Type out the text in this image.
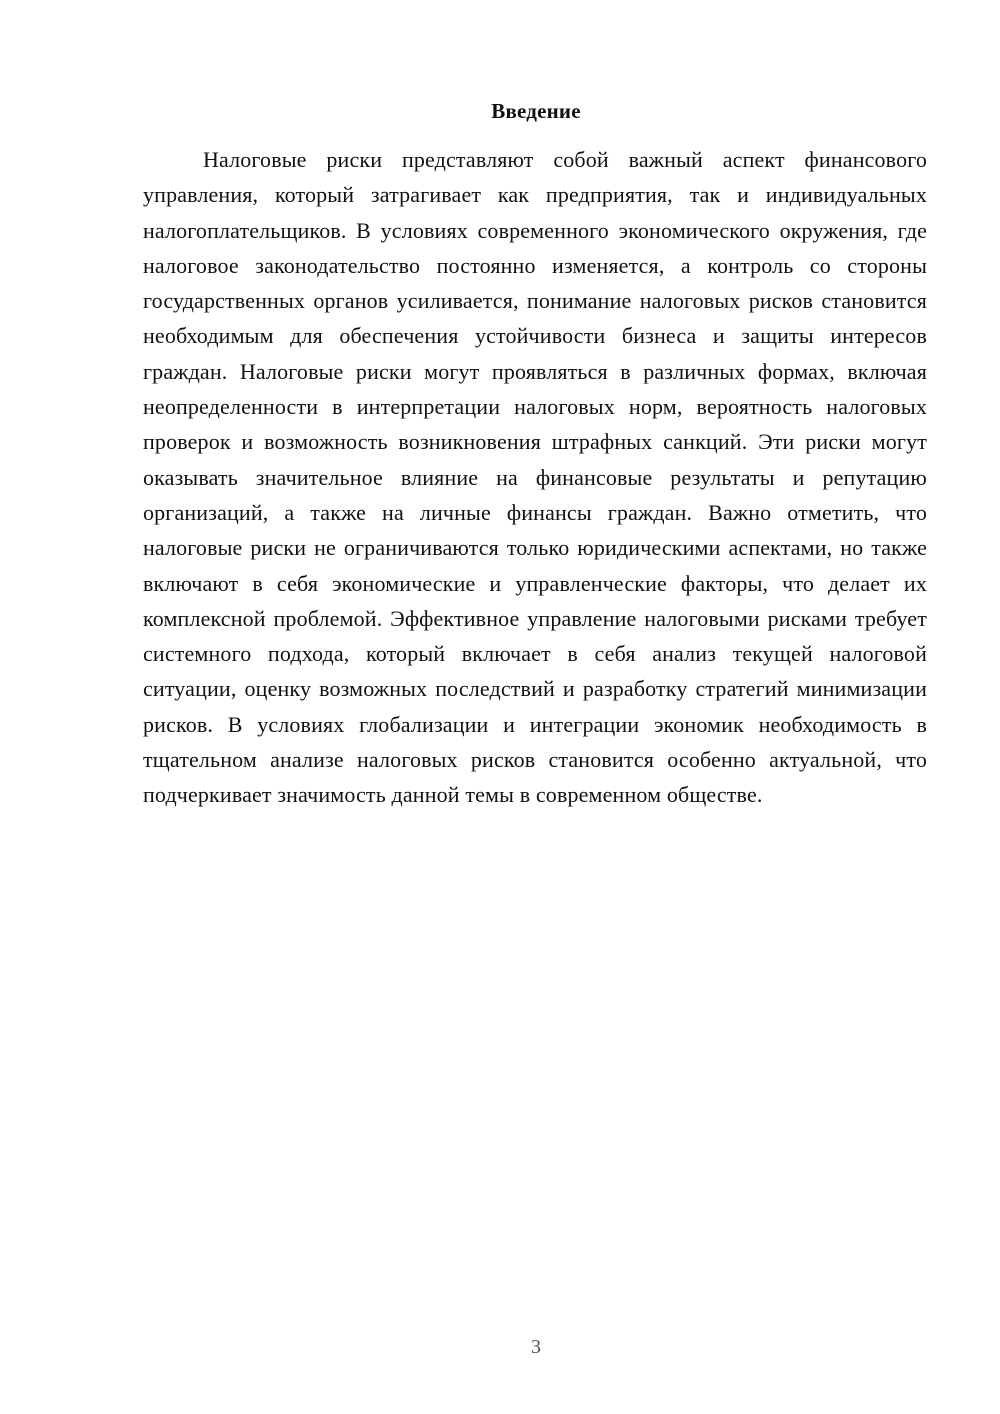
Введение

Налоговые риски представляют собой важный аспект финансового управления, который затрагивает как предприятия, так и индивидуальных налогоплательщиков. В условиях современного экономического окружения, где налоговое законодательство постоянно изменяется, а контроль со стороны государственных органов усиливается, понимание налоговых рисков становится необходимым для обеспечения устойчивости бизнеса и защиты интересов граждан. Налоговые риски могут проявляться в различных формах, включая неопределенности в интерпретации налоговых норм, вероятность налоговых проверок и возможность возникновения штрафных санкций. Эти риски могут оказывать значительное влияние на финансовые результаты и репутацию организаций, а также на личные финансы граждан. Важно отметить, что налоговые риски не ограничиваются только юридическими аспектами, но также включают в себя экономические и управленческие факторы, что делает их комплексной проблемой. Эффективное управление налоговыми рисками требует системного подхода, который включает в себя анализ текущей налоговой ситуации, оценку возможных последствий и разработку стратегий минимизации рисков. В условиях глобализации и интеграции экономик необходимость в тщательном анализе налоговых рисков становится особенно актуальной, что подчеркивает значимость данной темы в современном обществе.

3
